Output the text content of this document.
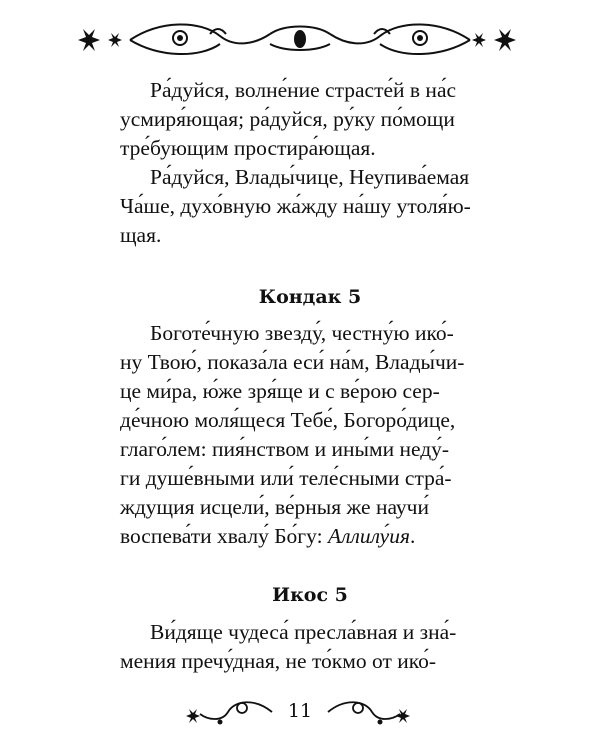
Ра́дуйся, волне́ние страсте́й в на́с
усмиря́ющая; ра́дуйся, ру́ку по́мощи
тре́бующим простира́ющая.
Ра́дуйся, Влады́чице, Неупива́емая
Ча́ше, духо́вную жа́жду на́шу утоля́ю-
щая.
Кондак 5
Боготе́чную звезду́, честну́ю ико́-
ну Твою́, показа́ла еси́ на́м, Влады́чи-
це ми́ра, ю́же зря́ще и с ве́рою сер-
де́чною моля́щеся Тебе́, Богоро́дице,
глаго́лем: пия́нством и ины́ми неду́-
ги душе́вными или́ теле́сными стра́-
ждущия исцели́, ве́рныя же научи́
воспева́ти хвалу́ Бо́гу: Аллилу́ия.
Икос 5
Ви́дяще чудеса́ пресла́вная и зна́-
мения пречу́дная, не то́кмо от ико́-
11
